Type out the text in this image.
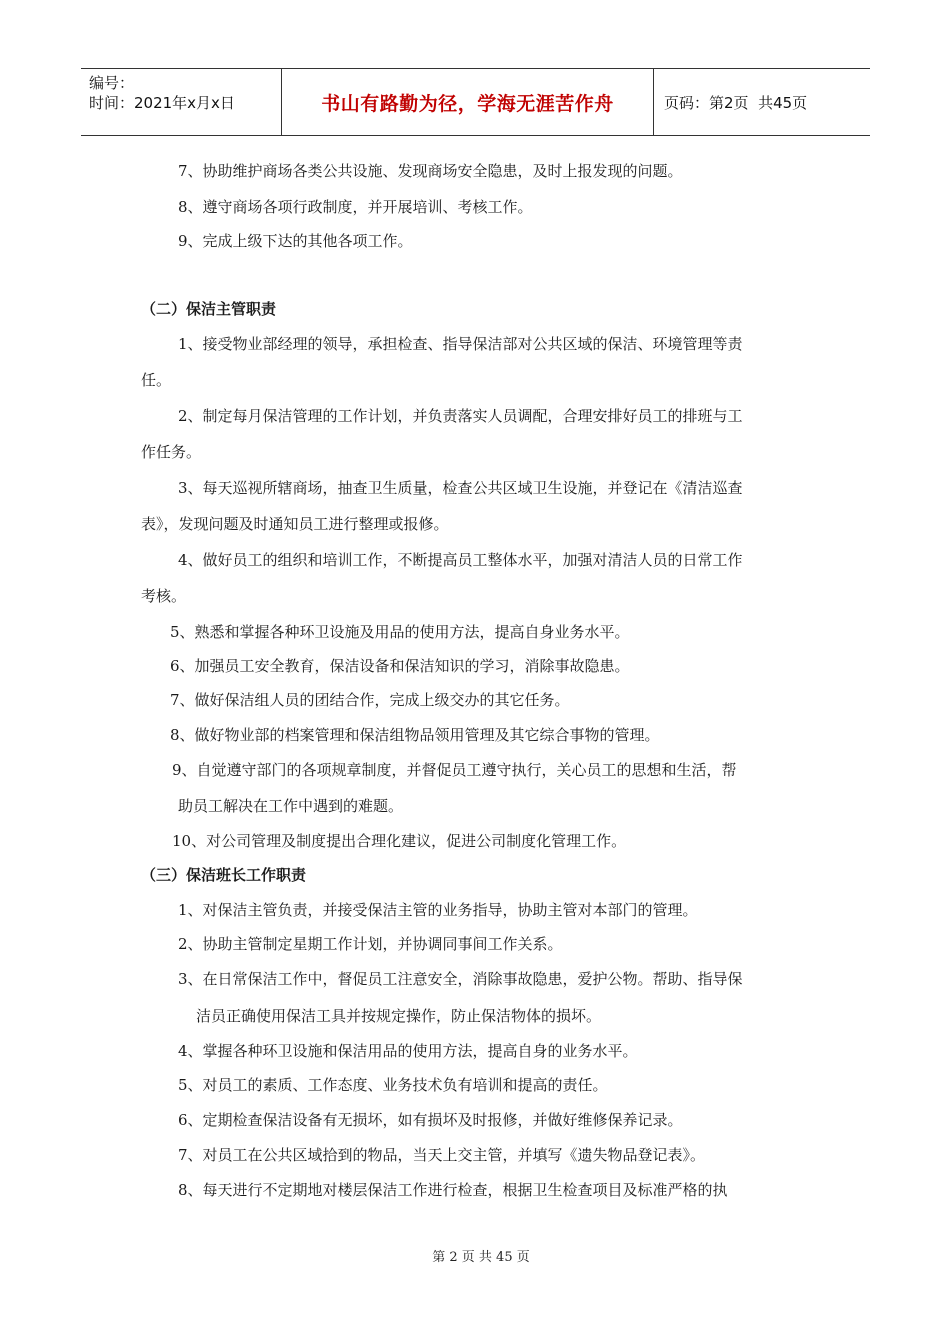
编号：
时间：2021年x月x日	书山有路勤为径，学海无涯苦作舟	页码：第2页  共45页
7、协助维护商场各类公共设施、发现商场安全隐患，及时上报发现的问题。
8、遵守商场各项行政制度，并开展培训、考核工作。
9、完成上级下达的其他各项工作。
（二）保洁主管职责
1、接受物业部经理的领导，承担检查、指导保洁部对公共区域的保洁、环境管理等责
任。
2、制定每月保洁管理的工作计划，并负责落实人员调配，合理安排好员工的排班与工
作任务。
3、每天巡视所辖商场，抽查卫生质量，检查公共区域卫生设施，并登记在《清洁巡查
表》，发现问题及时通知员工进行整理或报修。
4、做好员工的组织和培训工作，不断提高员工整体水平，加强对清洁人员的日常工作
考核。
5、熟悉和掌握各种环卫设施及用品的使用方法，提高自身业务水平。
6、加强员工安全教育，保洁设备和保洁知识的学习，消除事故隐患。
7、做好保洁组人员的团结合作，完成上级交办的其它任务。
8、做好物业部的档案管理和保洁组物品领用管理及其它综合事物的管理。
9、自觉遵守部门的各项规章制度，并督促员工遵守执行，关心员工的思想和生活，帮
助员工解决在工作中遇到的难题。
10、对公司管理及制度提出合理化建议，促进公司制度化管理工作。
（三）保洁班长工作职责
1、对保洁主管负责，并接受保洁主管的业务指导，协助主管对本部门的管理。
2、协助主管制定星期工作计划，并协调同事间工作关系。
3、在日常保洁工作中，督促员工注意安全，消除事故隐患，爱护公物。帮助、指导保
洁员正确使用保洁工具并按规定操作，防止保洁物体的损坏。
4、掌握各种环卫设施和保洁用品的使用方法，提高自身的业务水平。
5、对员工的素质、工作态度、业务技术负有培训和提高的责任。
6、定期检查保洁设备有无损坏，如有损坏及时报修，并做好维修保养记录。
7、对员工在公共区域拾到的物品，当天上交主管，并填写《遗失物品登记表》。
8、每天进行不定期地对楼层保洁工作进行检查，根据卫生检查项目及标准严格的执
第 2 页 共 45 页
